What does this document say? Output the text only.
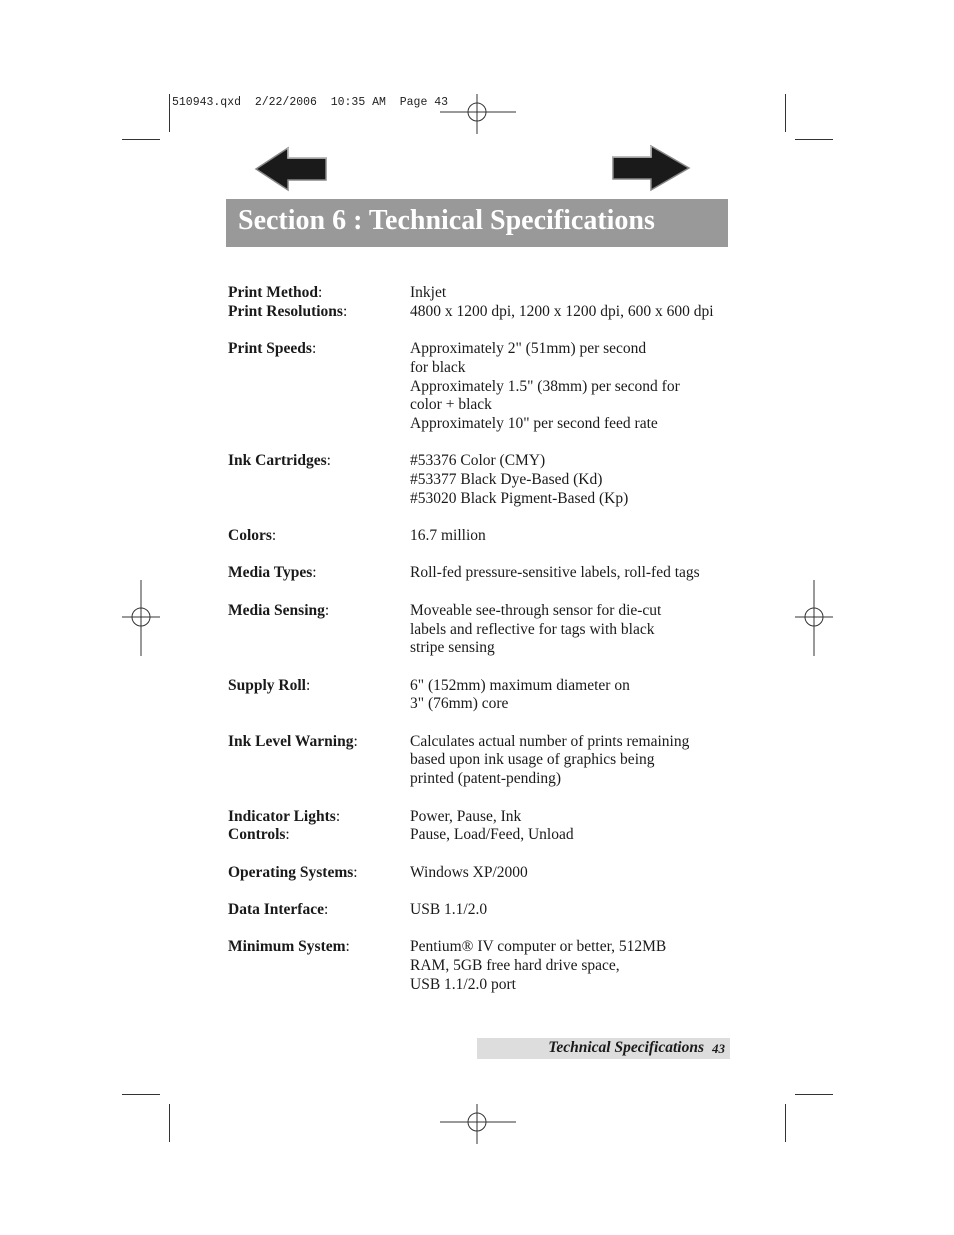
510943.qxd  2/22/2006  10:35 AM  Page 43
Section 6 : Technical Specifications
Print Method:	Inkjet
Print Resolutions:	4800 x 1200 dpi, 1200 x 1200 dpi, 600 x 600 dpi
Print Speeds:	Approximately 2" (51mm) per second
for black
Approximately 1.5" (38mm) per second for
color + black
Approximately 10" per second feed rate
Ink Cartridges:	#53376 Color (CMY)
#53377 Black Dye-Based (Kd)
#53020 Black Pigment-Based (Kp)
Colors:	16.7 million
Media Types:	Roll-fed pressure-sensitive labels, roll-fed tags
Media Sensing:	Moveable see-through sensor for die-cut
labels and reflective for tags with black
stripe sensing
Supply Roll:	6" (152mm) maximum diameter on
3" (76mm) core
Ink Level Warning:	Calculates actual number of prints remaining
based upon ink usage of graphics being
printed (patent-pending)
Indicator Lights:	Power, Pause, Ink
Controls:	Pause, Load/Feed, Unload
Operating Systems:	Windows XP/2000
Data Interface:	USB 1.1/2.0
Minimum System:	Pentium® IV computer or better, 512MB
RAM, 5GB free hard drive space,
USB 1.1/2.0 port
Technical Specifications 43
